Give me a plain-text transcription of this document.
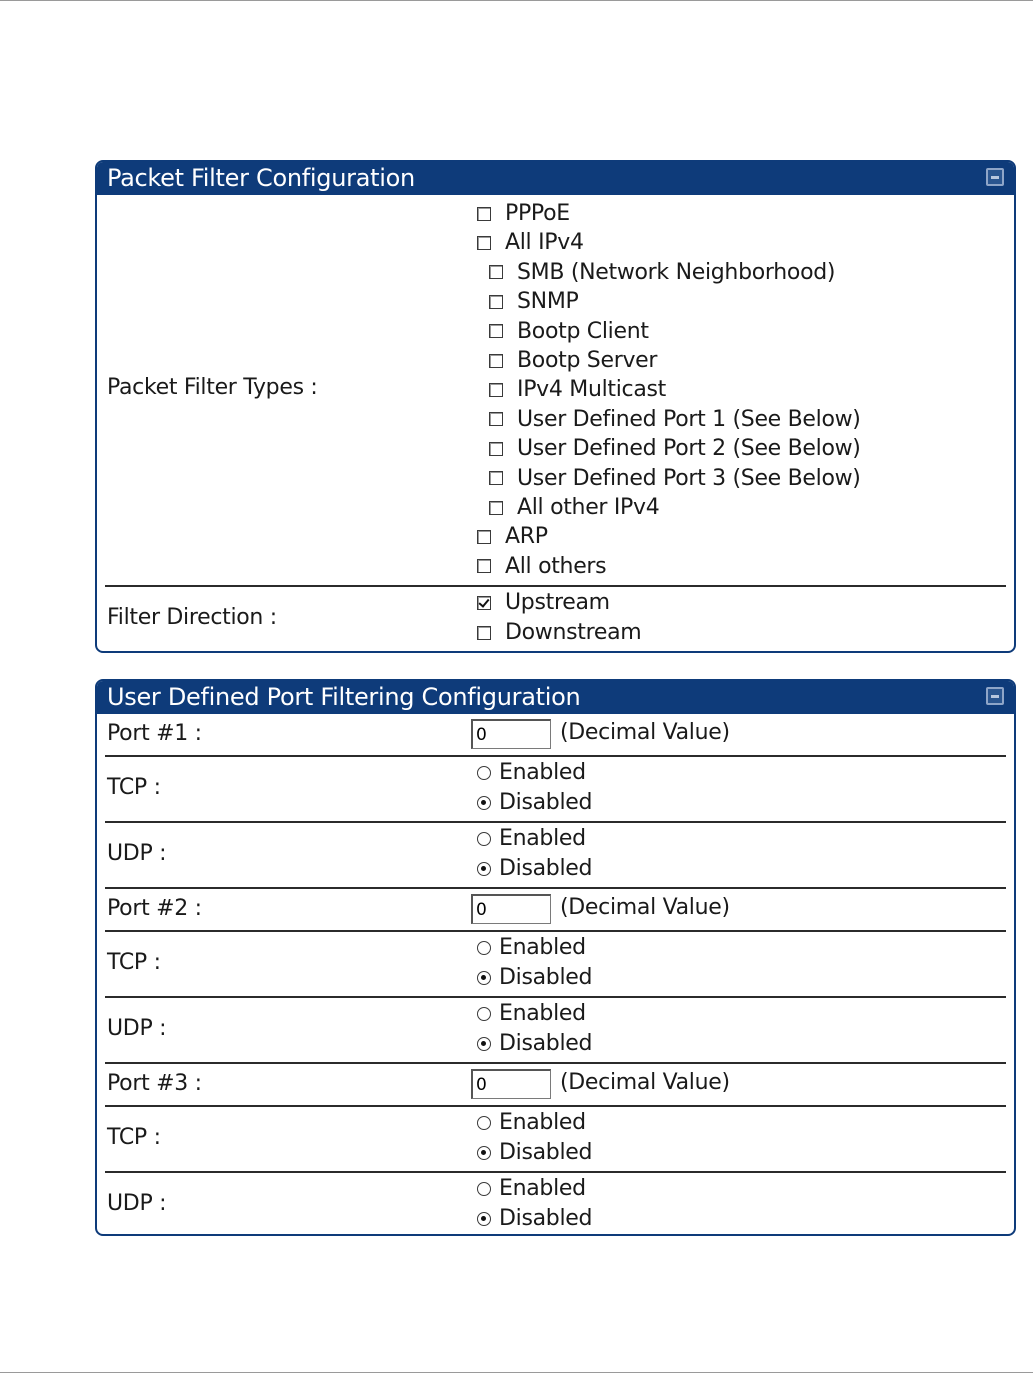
Packet Filter Configuration
Packet Filter Types :
PPPoE
All IPv4
SMB (Network Neighborhood)
SNMP
Bootp Client
Bootp Server
IPv4 Multicast
User Defined Port 1 (See Below)
User Defined Port 2 (See Below)
User Defined Port 3 (See Below)
All other IPv4
ARP
All others
Filter Direction :
Upstream
Downstream
User Defined Port Filtering Configuration
Port #1 :
0	(Decimal Value)
TCP :
Enabled
Disabled
UDP :
Enabled
Disabled
Port #2 :
0	(Decimal Value)
TCP :
Enabled
Disabled
UDP :
Enabled
Disabled
Port #3 :
0	(Decimal Value)
TCP :
Enabled
Disabled
UDP :
Enabled
Disabled
